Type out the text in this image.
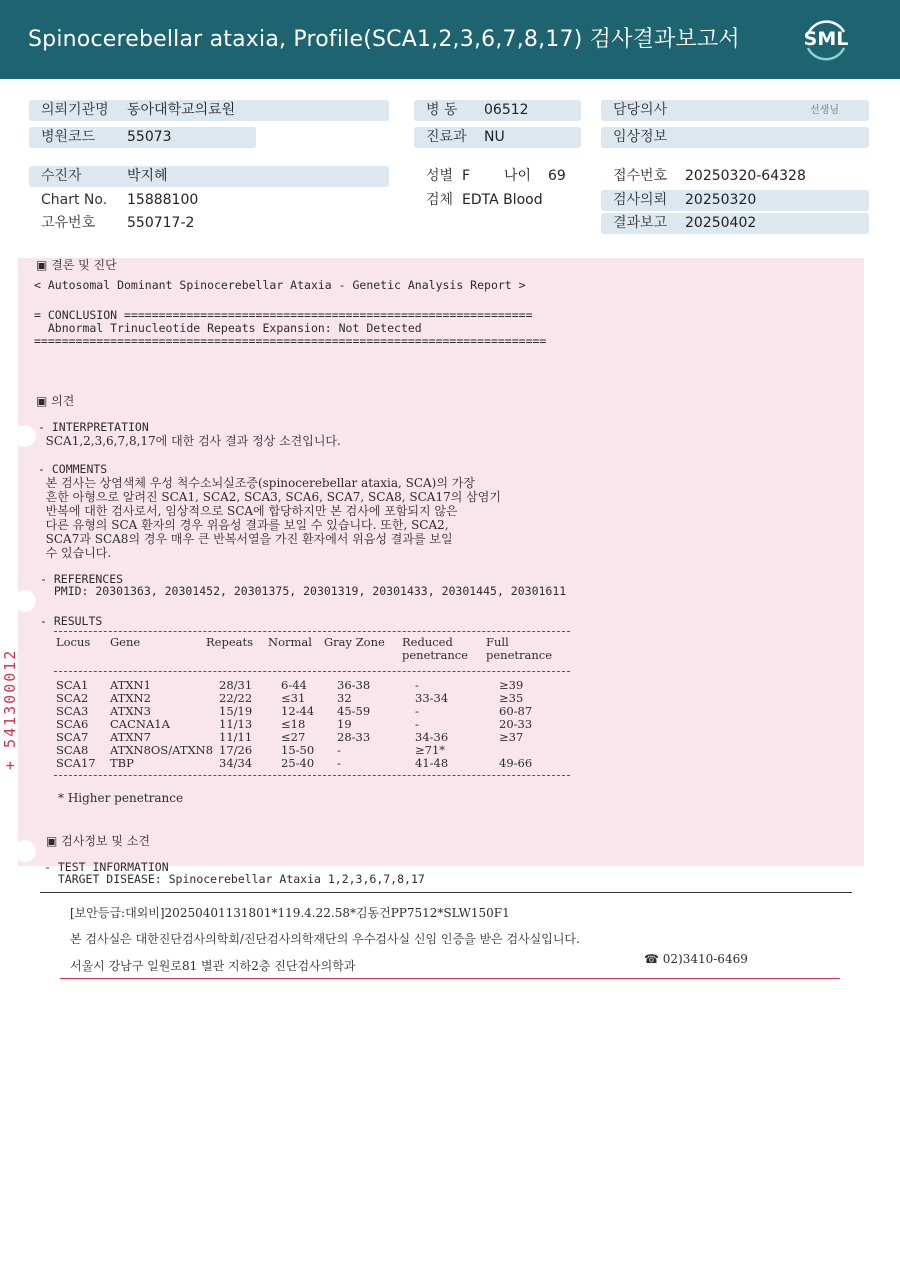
Spinocerebellar ataxia, Profile(SCA1,2,3,6,7,8,17) 검사결과보고서	SML
의뢰기관명 동아대학교의료원
병원코드 55073
병 동 06512
진료과 NU
담당의사	선생님
임상정보
수진자	박지혜
Chart No. 15888100
고유번호 550717-2
성별 F 나이 69
검체 EDTA Blood
접수번호 20250320-64328
검사의뢰 20250320
결과보고 20250402
▣ 결론 및 진단
< Autosomal Dominant Spinocerebellar Ataxia - Genetic Analysis Report >
= CONCLUSION ===========================================================
Abnormal Trinucleotide Repeats Expansion: Not Detected
==========================================================================
▣ 의견
- INTERPRETATION
SCA1,2,3,6,7,8,17에 대한 검사 결과 정상 소견입니다.
- COMMENTS
본 검사는 상염색체 우성 척수소뇌실조증(spinocerebellar ataxia, SCA)의 가장
흔한 아형으로 알려진 SCA1, SCA2, SCA3, SCA6, SCA7, SCA8, SCA17의 삼염기
반복에 대한 검사로서, 임상적으로 SCA에 합당하지만 본 검사에 포함되지 않은
다른 유형의 SCA 환자의 경우 위음성 결과를 보일 수 있습니다. 또한, SCA2,
SCA7과 SCA8의 경우 매우 큰 반복서열을 가진 환자에서 위음성 결과를 보일
수 있습니다.
- REFERENCES
PMID: 20301363, 20301452, 20301375, 20301319, 20301433, 20301445, 20301611
- RESULTS
Locus	Gene	Repeats	Normal	Gray Zone	Reduced penetrance	Full penetrance
SCA1	ATXN1	28/31	6-44	36-38	-	≥39
SCA2	ATXN2	22/22	≤31	32	33-34	≥35
SCA3	ATXN3	15/19	12-44	45-59	-	60-87
SCA6	CACNA1A	11/13	≤18	19	-	20-33
SCA7	ATXN7	11/11	≤27	28-33	34-36	≥37
SCA8	ATXN8OS/ATXN8	17/26	15-50	-	≥71*	
SCA17	TBP	34/34	25-40	-	41-48	49-66
* Higher penetrance
▣ 검사정보 및 소견
- TEST INFORMATION
TARGET DISEASE: Spinocerebellar Ataxia 1,2,3,6,7,8,17
[보안등급:대외비]20250401131801*119.4.22.58*김동건PP7512*SLW150F1
본 검사실은 대한진단검사의학회/진단검사의학재단의 우수검사실 신임 인증을 받은 검사실입니다.
서울시 강남구 일원로81 별관 지하2층 진단검사의학과	☎ 02)3410-6469
+ 541300012
